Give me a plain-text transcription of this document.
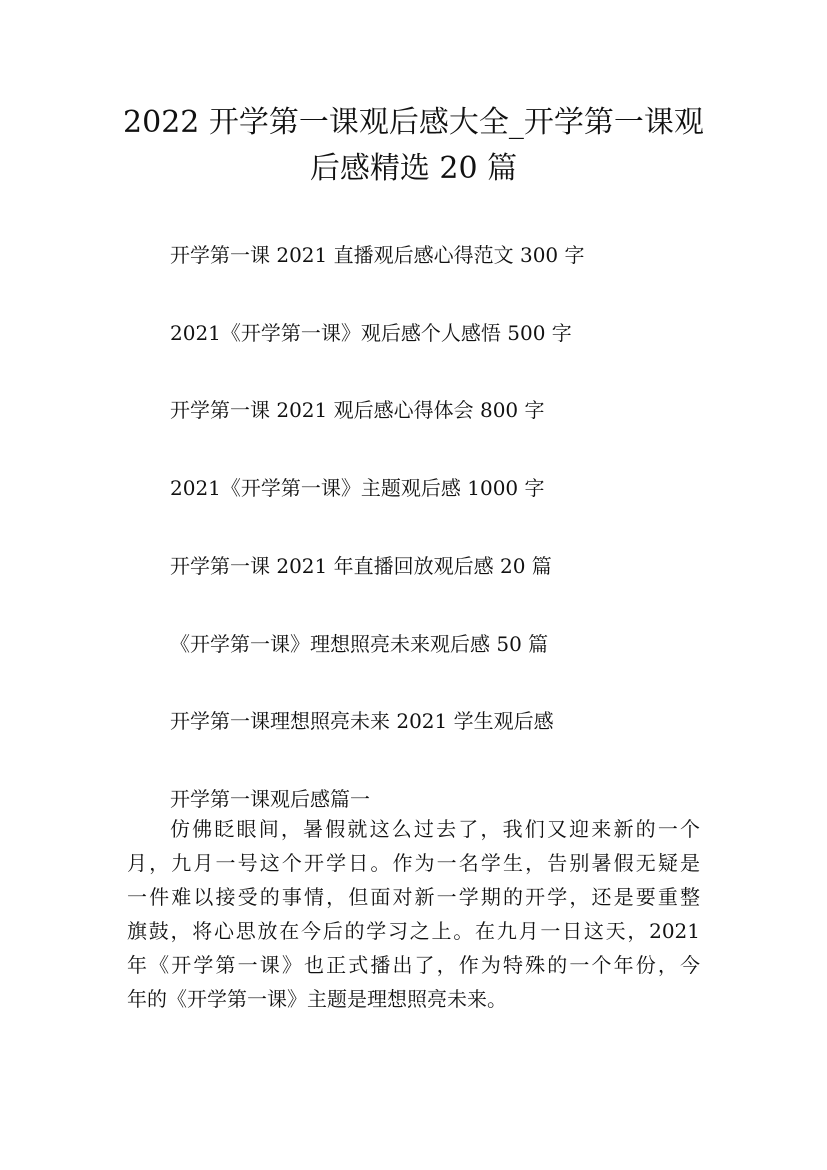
2022 开学第一课观后感大全_开学第一课观
后感精选 20 篇
开学第一课 2021 直播观后感心得范文 300 字
2021《开学第一课》观后感个人感悟 500 字
开学第一课 2021 观后感心得体会 800 字
2021《开学第一课》主题观后感 1000 字
开学第一课 2021 年直播回放观后感 20 篇
《开学第一课》理想照亮未来观后感 50 篇
开学第一课理想照亮未来 2021 学生观后感
开学第一课观后感篇一
仿佛眨眼间，暑假就这么过去了，我们又迎来新的一个
月，九月一号这个开学日。作为一名学生，告别暑假无疑是
一件难以接受的事情，但面对新一学期的开学，还是要重整
旗鼓，将心思放在今后的学习之上。在九月一日这天，2021
年《开学第一课》也正式播出了，作为特殊的一个年份，今
年的《开学第一课》主题是理想照亮未来。
